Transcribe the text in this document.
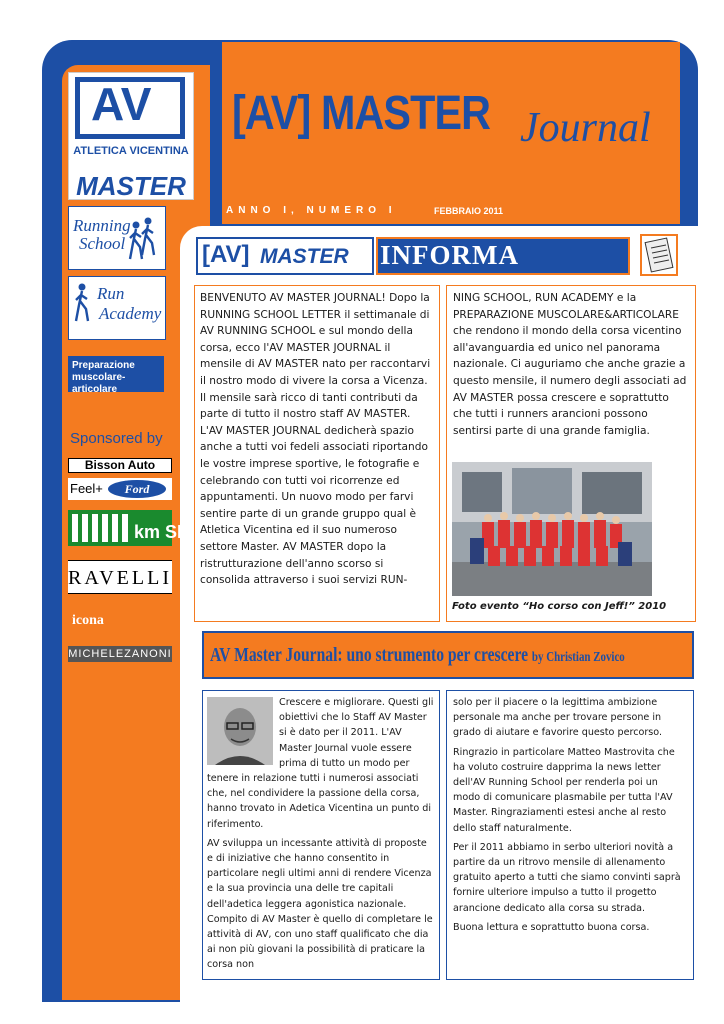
[AV] MASTER Journal
ANNO I, NUMERO I	FEBBRAIO 2011
AV
ATLETICA VICENTINA
MASTER
Running
School
Run
Academy
Preparazione muscolare-articolare
Sponsored by
Bisson Auto
Feel+	Ford
km SPORT
RAVELLI
icona
MICHELEZANONI
[AV] MASTER INFORMA

BENVENUTO AV MASTER JOURNAL! Dopo la RUNNING SCHOOL LETTER il settimanale di AV RUNNING SCHOOL e sul mondo della corsa, ecco l'AV MASTER JOURNAL il mensile di AV MASTER nato per raccontarvi il nostro modo di vivere la corsa a Vicenza. Il mensile sarà ricco di tanti contributi da parte di tutto il nostro staff AV MASTER. L'AV MASTER JOURNAL dedicherà spazio anche a tutti voi fedeli associati riportando le vostre imprese sportive, le fotografie e celebrando con tutti voi ricorrenze ed appuntamenti. Un nuovo modo per farvi sentire parte di un grande gruppo qual è Atletica Vicentina ed il suo numeroso settore Master. AV MASTER dopo la ristrutturazione dell'anno scorso si consolida attraverso i suoi servizi RUN-

NING SCHOOL, RUN ACADEMY e la PREPARAZIONE MUSCOLARE&ARTICOLARE che rendono il mondo della corsa vicentino all'avanguardia ed unico nel panorama nazionale. Ci auguriamo che anche grazie a questo mensile, il numero degli associati ad AV MASTER possa crescere e soprattutto che tutti i runners arancioni possono sentirsi parte di una grande famiglia.

Foto evento “Ho corso con Jeff!” 2010
AV Master Journal: uno strumento per crescere by Christian Zovico

Crescere e migliorare. Questi gli obiettivi che lo Staff AV Master si è dato per il 2011. L'AV Master Journal vuole essere prima di tutto un modo per tenere in relazione tutti i numerosi associati che, nel condividere la passione della corsa, hanno trovato in Adetica Vicentina un punto di riferimento.

AV sviluppa un incessante attività di proposte e di iniziative che hanno consentito in particolare negli ultimi anni di rendere Vicenza e la sua provincia una delle tre capitali dell'adetica leggera agonistica nazionale. Compito di AV Master è quello di completare le attività di AV, con uno staff qualificato che dia ai non più giovani la possibilità di praticare la corsa non

solo per il piacere o la legittima ambizione personale ma anche per trovare persone in grado di aiutare e favorire questo percorso.

Ringrazio in particolare Matteo Mastrovita che ha voluto costruire dapprima la news letter dell'AV Running School per renderla poi un modo di comunicare plasmabile per tutta l'AV Master. Ringraziamenti estesi anche al resto dello staff naturalmente.

Per il 2011 abbiamo in serbo ulteriori novità a partire da un ritrovo mensile di allenamento gratuito aperto a tutti che siamo convinti saprà fornire ulteriore impulso a tutto il progetto arancione dedicato alla corsa su strada.

Buona lettura e soprattutto buona corsa.
